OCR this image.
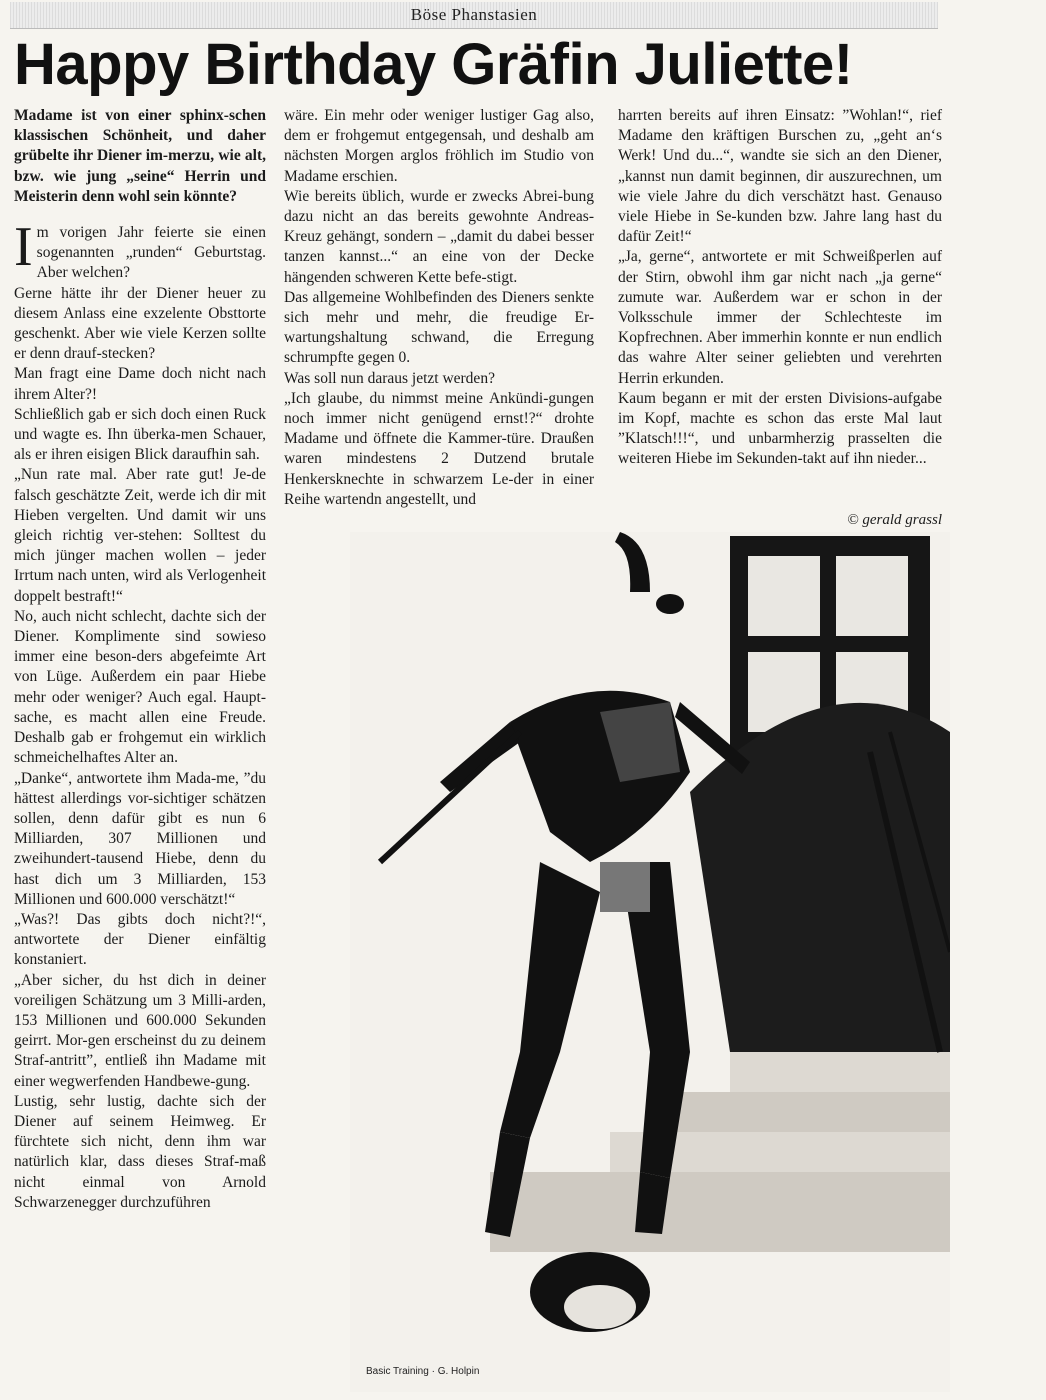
Böse Phanstasien
Happy Birthday Gräfin Juliette!

Madame ist von einer sphinx-schen klassischen Schönheit, und daher grübelte ihr Diener im-merzu, wie alt, bzw. wie jung „seine“ Herrin und Meisterin denn wohl sein könnte?

Im vorigen Jahr feierte sie einen sogenannten „runden“ Geburtstag. Aber welchen?

Gerne hätte ihr der Diener heuer zu diesem Anlass eine exzelente Obsttorte geschenkt. Aber wie viele Kerzen sollte er denn drauf-stecken?

Man fragt eine Dame doch nicht nach ihrem Alter?!

Schließlich gab er sich doch einen Ruck und wagte es. Ihn überka-men Schauer, als er ihren eisigen Blick daraufhin sah.

„Nun rate mal. Aber rate gut! Je-de falsch geschätzte Zeit, werde ich dir mit Hieben vergelten. Und damit wir uns gleich richtig ver-stehen: Solltest du mich jünger machen wollen – jeder Irrtum nach unten, wird als Verlogenheit doppelt bestraft!“

No, auch nicht schlecht, dachte sich der Diener. Komplimente sind sowieso immer eine beson-ders abgefeimte Art von Lüge. Außerdem ein paar Hiebe mehr oder weniger? Auch egal. Haupt-sache, es macht allen eine Freude. Deshalb gab er frohgemut ein wirklich schmeichelhaftes Alter an.

„Danke“, antwortete ihm Mada-me, ”du hättest allerdings vor-sichtiger schätzen sollen, denn dafür gibt es nun 6 Milliarden, 307 Millionen und zweihundert-tausend Hiebe, denn du hast dich um 3 Milliarden, 153 Millionen und 600.000 verschätzt!“

„Was?! Das gibts doch nicht?!“, antwortete der Diener einfältig konstaniert.

„Aber sicher, du hst dich in deiner voreiligen Schätzung um 3 Milli-arden, 153 Millionen und 600.000 Sekunden geirrt. Mor-gen erscheinst du zu deinem Straf-antritt”, entließ ihn Madame mit einer wegwerfenden Handbewe-gung.

Lustig, sehr lustig, dachte sich der Diener auf seinem Heimweg. Er fürchtete sich nicht, denn ihm war natürlich klar, dass dieses Straf-maß nicht einmal von Arnold Schwarzenegger durchzuführen

wäre. Ein mehr oder weniger lustiger Gag also, dem er frohgemut entgegensah, und deshalb am nächsten Morgen arglos fröhlich im Studio von Madame erschien.

Wie bereits üblich, wurde er zwecks Abrei-bung dazu nicht an das bereits gewohnte Andreas-Kreuz gehängt, sondern – „damit du dabei besser tanzen kannst...“ an eine von der Decke hängenden schweren Kette befe-stigt.

Das allgemeine Wohlbefinden des Dieners senkte sich mehr und mehr, die freudige Er-wartungshaltung schwand, die Erregung schrumpfte gegen 0.

Was soll nun daraus jetzt werden?

„Ich glaube, du nimmst meine Ankündi-gungen noch immer nicht genügend ernst!?“ drohte Madame und öffnete die Kammer-türe. Draußen waren mindestens 2 Dutzend brutale Henkersknechte in schwarzem Le-der in einer Reihe wartendn angestellt, und

harrten bereits auf ihren Einsatz: ”Wohlan!“, rief Madame den kräftigen Burschen zu, „geht an‘s Werk! Und du...“, wandte sie sich an den Diener, „kannst nun damit beginnen, dir auszurechnen, um wie viele Jahre du dich verschätzt hast. Genauso viele Hiebe in Se-kunden bzw. Jahre lang hast du dafür Zeit!“

„Ja, gerne“, antwortete er mit Schweißperlen auf der Stirn, obwohl ihm gar nicht nach „ja gerne“ zumute war. Außerdem war er schon in der Volksschule immer der Schlechteste im Kopfrechnen. Aber immerhin konnte er nun endlich das wahre Alter seiner geliebten und verehrten Herrin erkunden.

Kaum begann er mit der ersten Divisions-aufgabe im Kopf, machte es schon das erste Mal laut ”Klatsch!!!“, und unbarmherzig prasselten die weiteren Hiebe im Sekunden-takt auf ihn nieder...

© gerald grassl
Basic Training · G. Holpin
